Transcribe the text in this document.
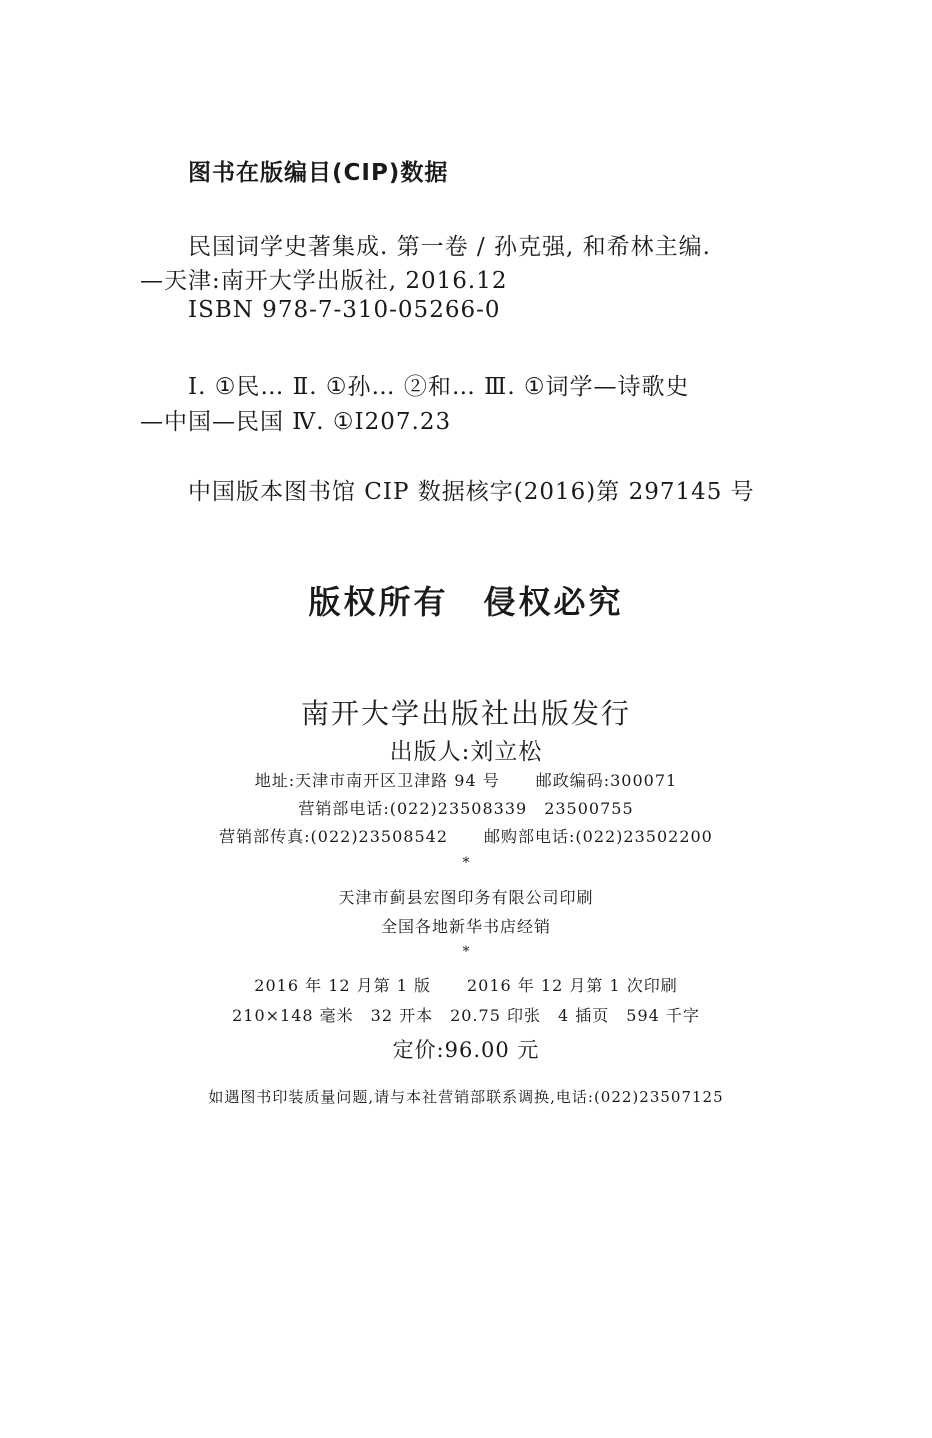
图书在版编目(CIP)数据
民国词学史著集成. 第一卷 / 孙克强, 和希林主编.
—天津:南开大学出版社, 2016.12
ISBN 978-7-310-05266-0
Ⅰ. ①民… Ⅱ. ①孙… ②和… Ⅲ. ①词学—诗歌史
—中国—民国 Ⅳ. ①I207.23
中国版本图书馆 CIP 数据核字(2016)第 297145 号
版权所有　侵权必究
南开大学出版社出版发行
出版人:刘立松
地址:天津市南开区卫津路 94 号 邮政编码:300071
营销部电话:(022)23508339　23500755
营销部传真:(022)23508542 邮购部电话:(022)23502200
*
天津市蓟县宏图印务有限公司印刷
全国各地新华书店经销
*
2016 年 12 月第 1 版 2016 年 12 月第 1 次印刷
210×148 毫米　32 开本　20.75 印张　4 插页　594 千字
定价:96.00 元
如遇图书印装质量问题,请与本社营销部联系调换,电话:(022)23507125
